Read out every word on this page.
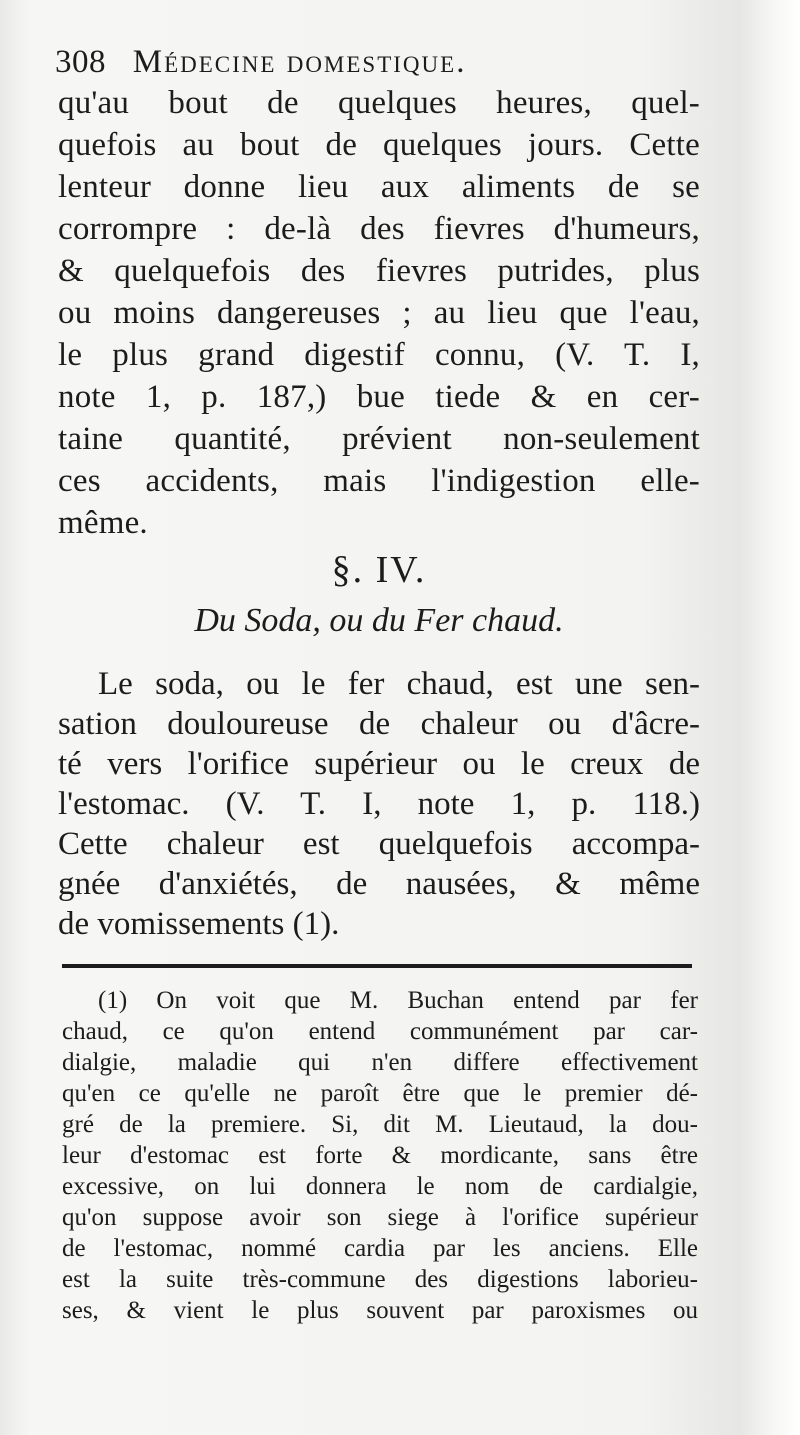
308 Médecine domestique.
qu'au bout de quelques heures, quel-
quefois au bout de quelques jours. Cette
lenteur donne lieu aux aliments de se
corrompre : de-là des fievres d'humeurs,
& quelquefois des fievres putrides, plus
ou moins dangereuses ; au lieu que l'eau,
le plus grand digestif connu, (V. T. I,
note 1, p. 187,) bue tiede & en cer-
taine quantité, prévient non-seulement
ces accidents, mais l'indigestion elle-
même.
§. IV.
Du Soda, ou du Fer chaud.
Le soda, ou le fer chaud, est une sen-
sation douloureuse de chaleur ou d'âcre-
té vers l'orifice supérieur ou le creux de
l'estomac. (V. T. I, note 1, p. 118.)
Cette chaleur est quelquefois accompa-
gnée d'anxiétés, de nausées, & même
de vomissements (1).
(1) On voit que M. Buchan entend par fer
chaud, ce qu'on entend communément par car-
dialgie, maladie qui n'en differe effectivement
qu'en ce qu'elle ne paroît être que le premier dé-
gré de la premiere. Si, dit M. Lieutaud, la dou-
leur d'estomac est forte & mordicante, sans être
excessive, on lui donnera le nom de cardialgie,
qu'on suppose avoir son siege à l'orifice supérieur
de l'estomac, nommé cardia par les anciens. Elle
est la suite très-commune des digestions laborieu-
ses, & vient le plus souvent par paroxismes ou
